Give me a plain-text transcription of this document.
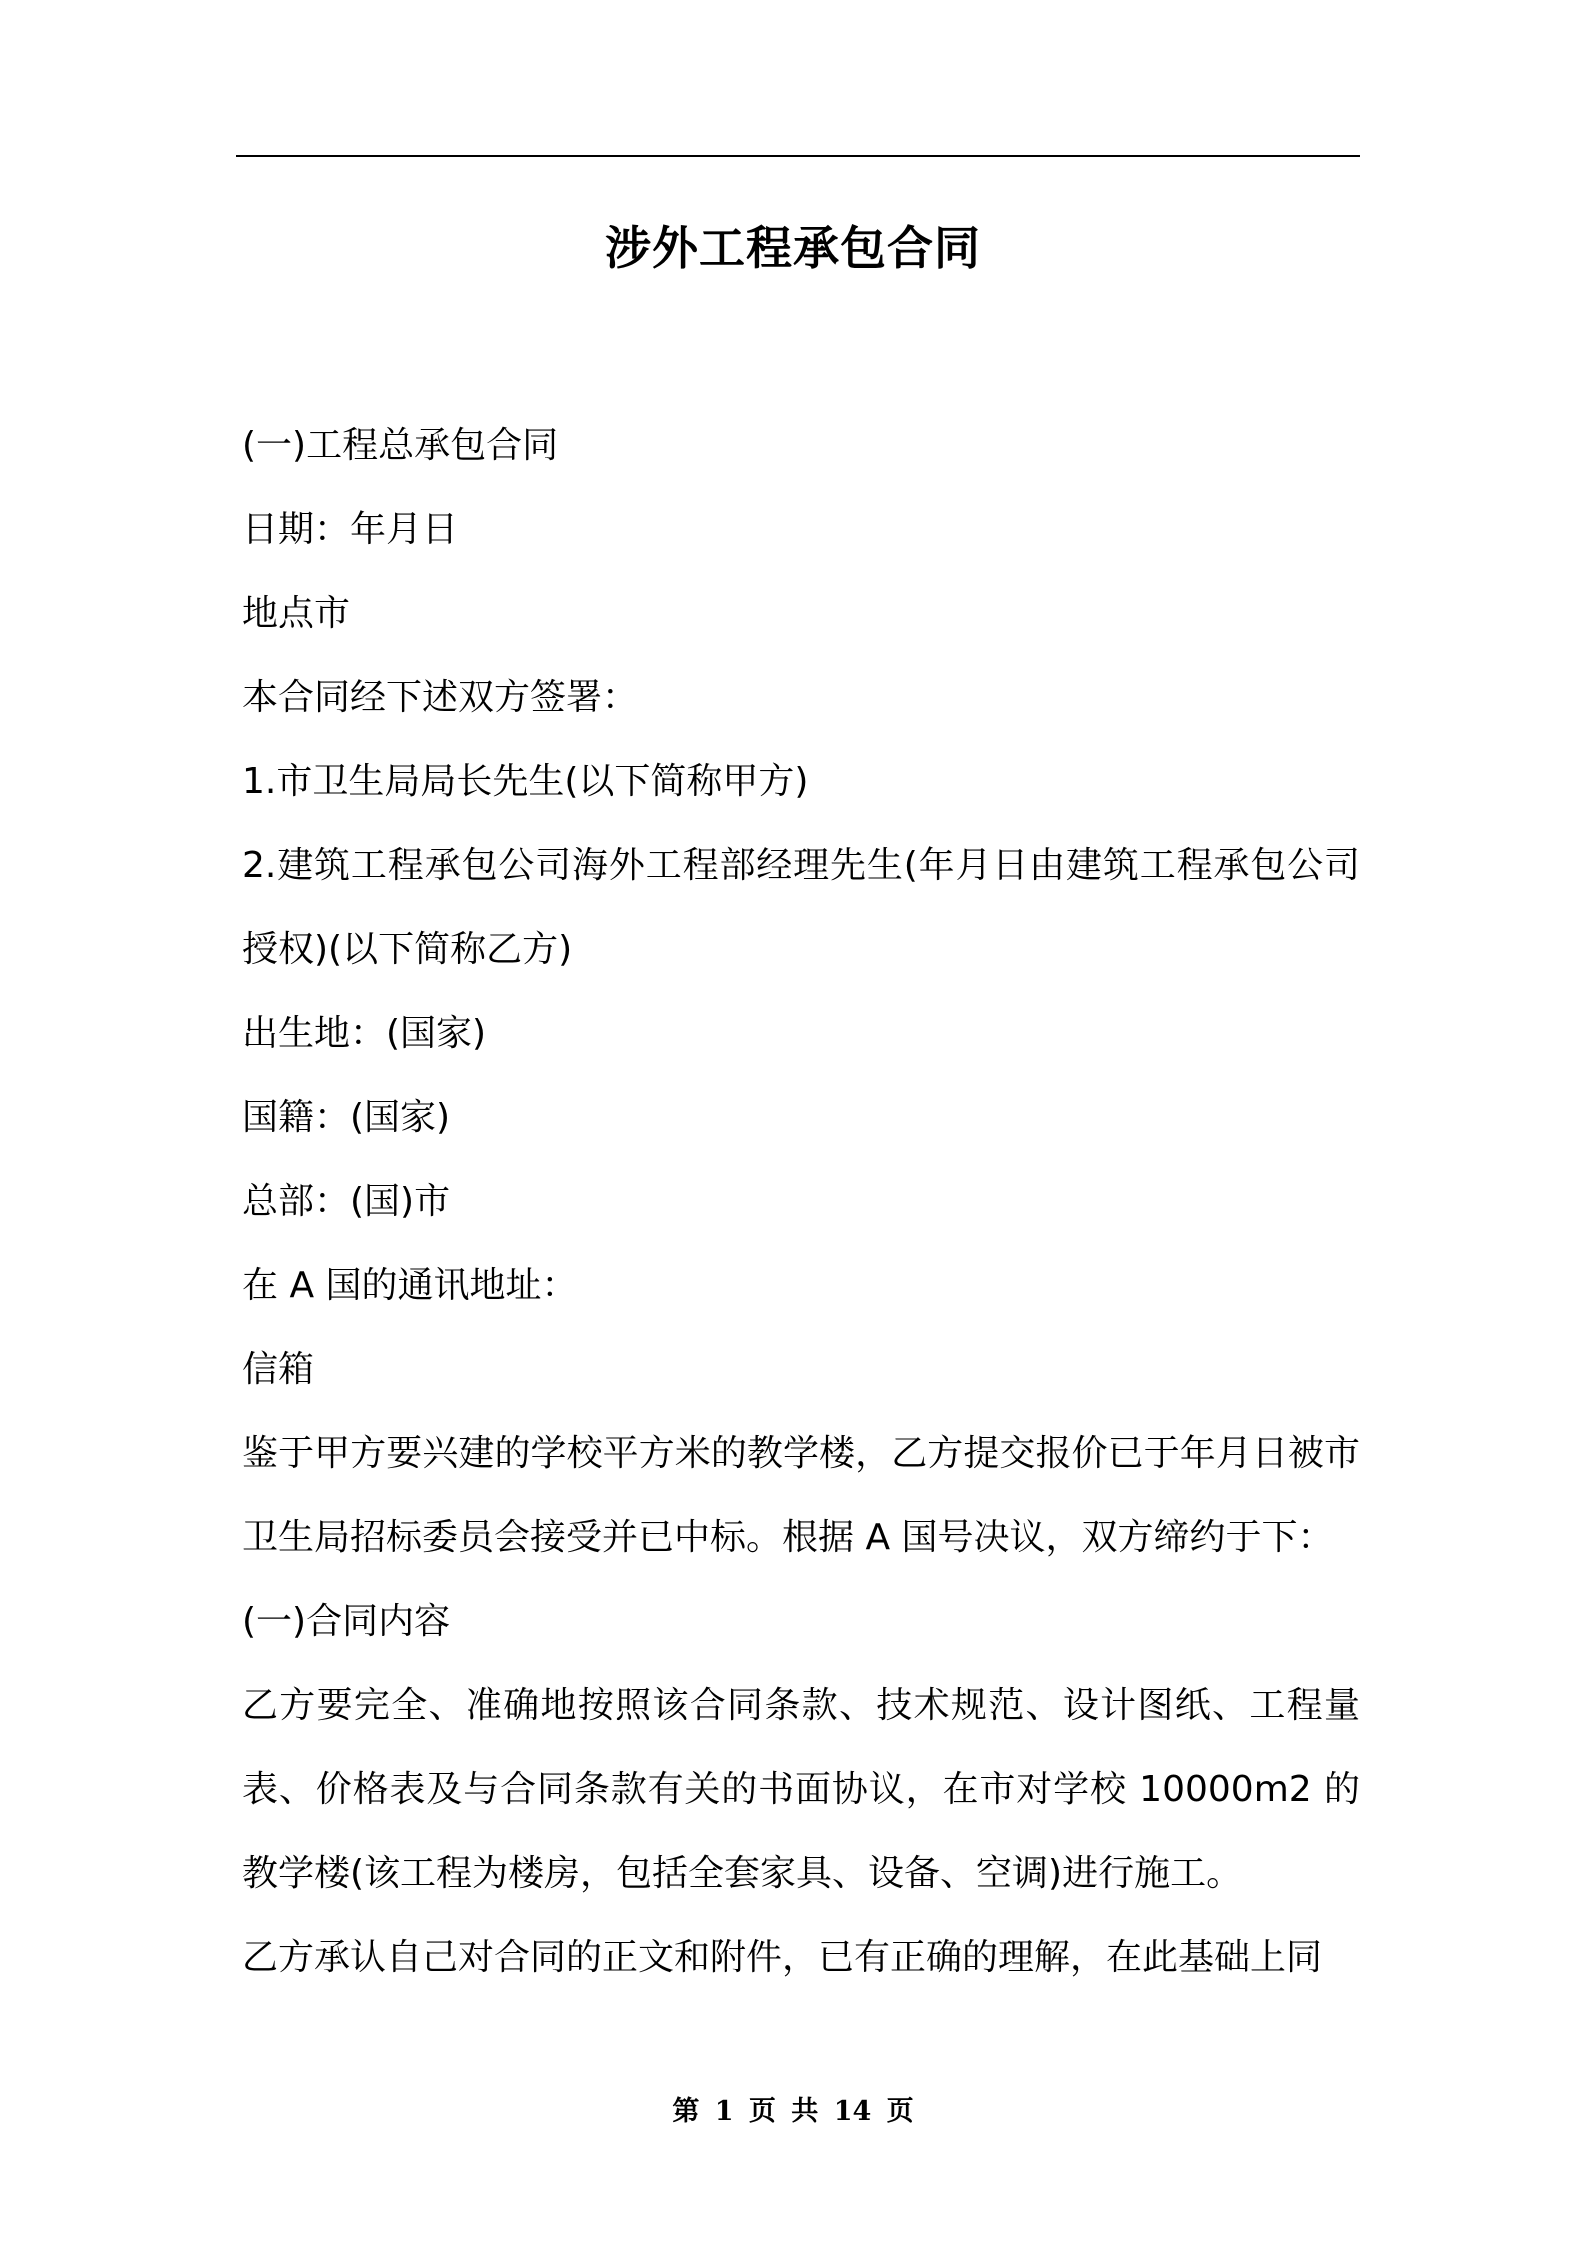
涉外工程承包合同

(一)工程总承包合同

日期：年月日

地点市

本合同经下述双方签署：

1.市卫生局局长先生(以下简称甲方)

2.建筑工程承包公司海外工程部经理先生(年月日由建筑工程承包公司授权)(以下简称乙方)

出生地：(国家)

国籍：(国家)

总部：(国)市

在 A 国的通讯地址：

信箱

鉴于甲方要兴建的学校平方米的教学楼，乙方提交报价已于年月日被市卫生局招标委员会接受并已中标。根据 A 国号决议，双方缔约于下：

(一)合同内容

乙方要完全、准确地按照该合同条款、技术规范、设计图纸、工程量表、价格表及与合同条款有关的书面协议，在市对学校 10000m2 的教学楼(该工程为楼房，包括全套家具、设备、空调)进行施工。

乙方承认自己对合同的正文和附件，已有正确的理解，在此基础上同

第 1 页 共 14 页
